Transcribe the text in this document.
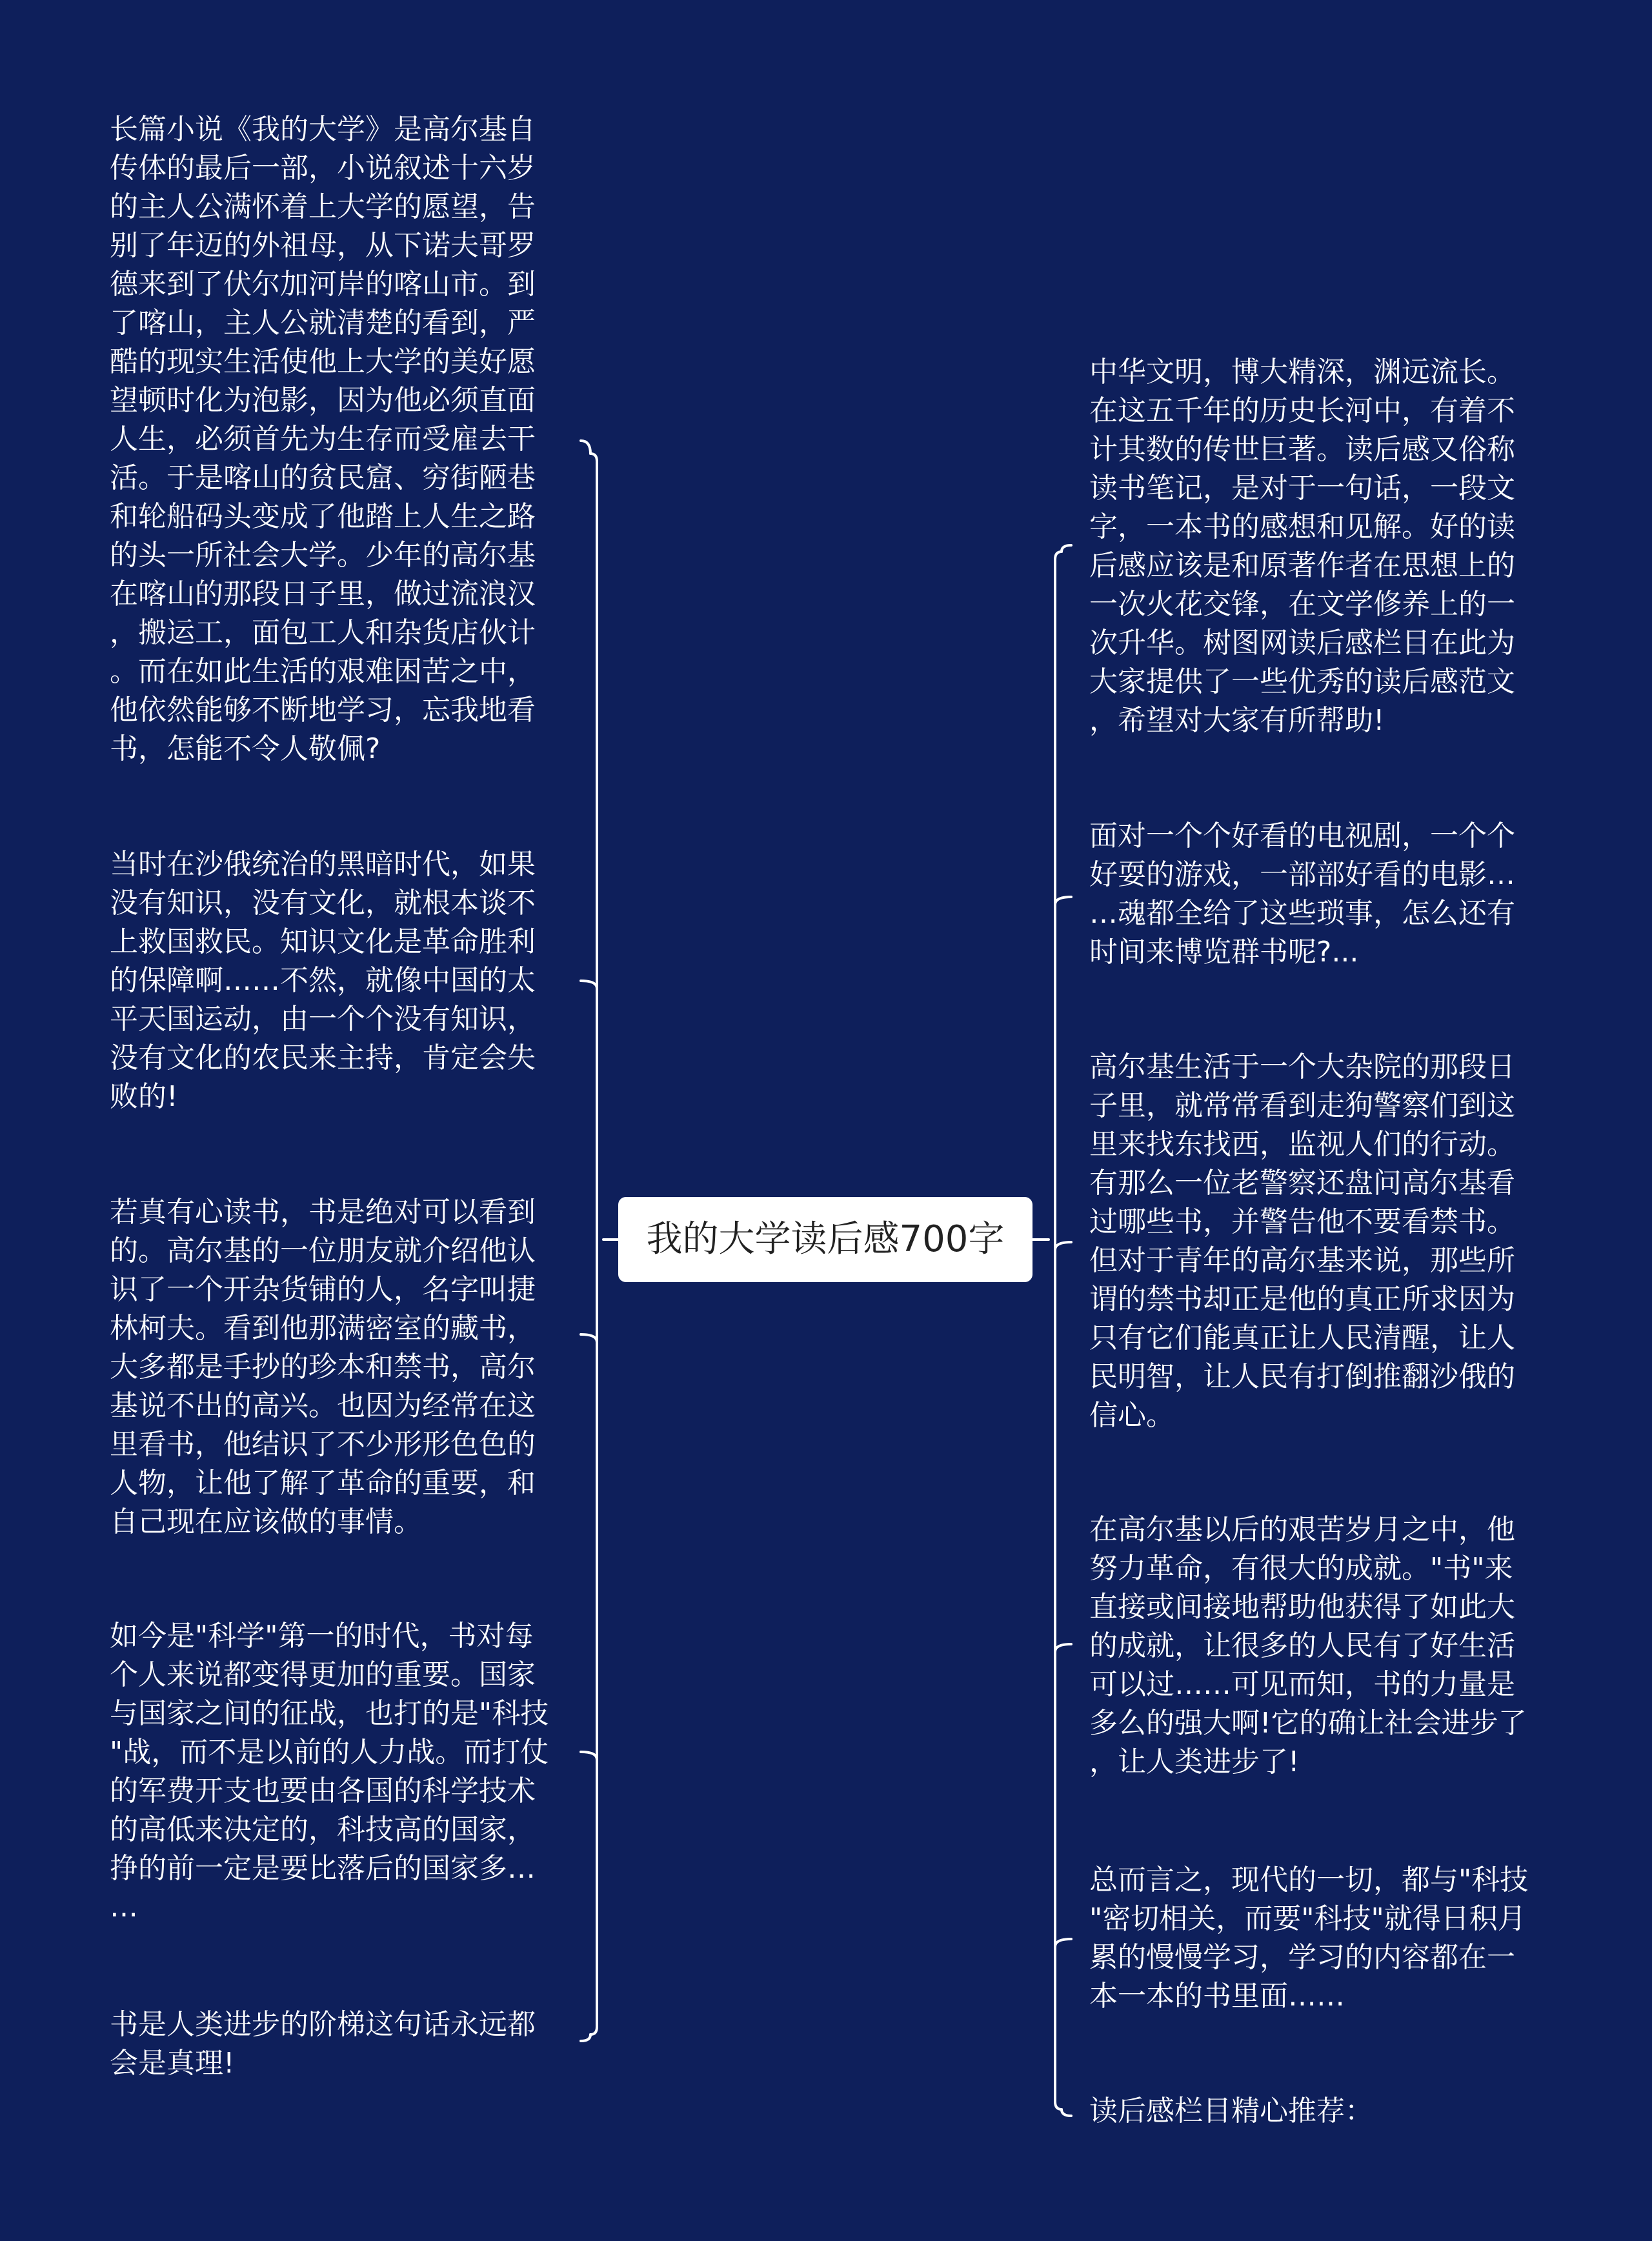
我的大学读后感700字
长篇小说《我的大学》是高尔基自
传体的最后一部，小说叙述十六岁
的主人公满怀着上大学的愿望，告
别了年迈的外祖母，从下诺夫哥罗
德来到了伏尔加河岸的喀山市。到
了喀山，主人公就清楚的看到，严
酷的现实生活使他上大学的美好愿
望顿时化为泡影，因为他必须直面
人生，必须首先为生存而受雇去干
活。于是喀山的贫民窟、穷街陋巷
和轮船码头变成了他踏上人生之路
的头一所社会大学。少年的高尔基
在喀山的那段日子里，做过流浪汉
，搬运工，面包工人和杂货店伙计
。而在如此生活的艰难困苦之中，
他依然能够不断地学习，忘我地看
书，怎能不令人敬佩?
当时在沙俄统治的黑暗时代，如果
没有知识，没有文化，就根本谈不
上救国救民。知识文化是革命胜利
的保障啊……不然，就像中国的太
平天国运动，由一个个没有知识，
没有文化的农民来主持，肯定会失
败的!
若真有心读书，书是绝对可以看到
的。高尔基的一位朋友就介绍他认
识了一个开杂货铺的人，名字叫捷
林柯夫。看到他那满密室的藏书，
大多都是手抄的珍本和禁书，高尔
基说不出的高兴。也因为经常在这
里看书，他结识了不少形形色色的
人物，让他了解了革命的重要，和
自己现在应该做的事情。
如今是"科学"第一的时代，书对每
个人来说都变得更加的重要。国家
与国家之间的征战，也打的是"科技
"战，而不是以前的人力战。而打仗
的军费开支也要由各国的科学技术
的高低来决定的，科技高的国家，
挣的前一定是要比落后的国家多…
…
书是人类进步的阶梯这句话永远都
会是真理!
中华文明，博大精深，渊远流长。
在这五千年的历史长河中，有着不
计其数的传世巨著。读后感又俗称
读书笔记，是对于一句话，一段文
字，一本书的感想和见解。好的读
后感应该是和原著作者在思想上的
一次火花交锋，在文学修养上的一
次升华。树图网读后感栏目在此为
大家提供了一些优秀的读后感范文
，希望对大家有所帮助!
面对一个个好看的电视剧，一个个
好耍的游戏，一部部好看的电影…
…魂都全给了这些琐事，怎么还有
时间来博览群书呢?...
高尔基生活于一个大杂院的那段日
子里，就常常看到走狗警察们到这
里来找东找西，监视人们的行动。
有那么一位老警察还盘问高尔基看
过哪些书，并警告他不要看禁书。
但对于青年的高尔基来说，那些所
谓的禁书却正是他的真正所求因为
只有它们能真正让人民清醒，让人
民明智，让人民有打倒推翻沙俄的
信心。
在高尔基以后的艰苦岁月之中，他
努力革命，有很大的成就。"书"来
直接或间接地帮助他获得了如此大
的成就，让很多的人民有了好生活
可以过……可见而知，书的力量是
多么的强大啊!它的确让社会进步了
，让人类进步了!
总而言之，现代的一切，都与"科技
"密切相关，而要"科技"就得日积月
累的慢慢学习，学习的内容都在一
本一本的书里面……
读后感栏目精心推荐：
